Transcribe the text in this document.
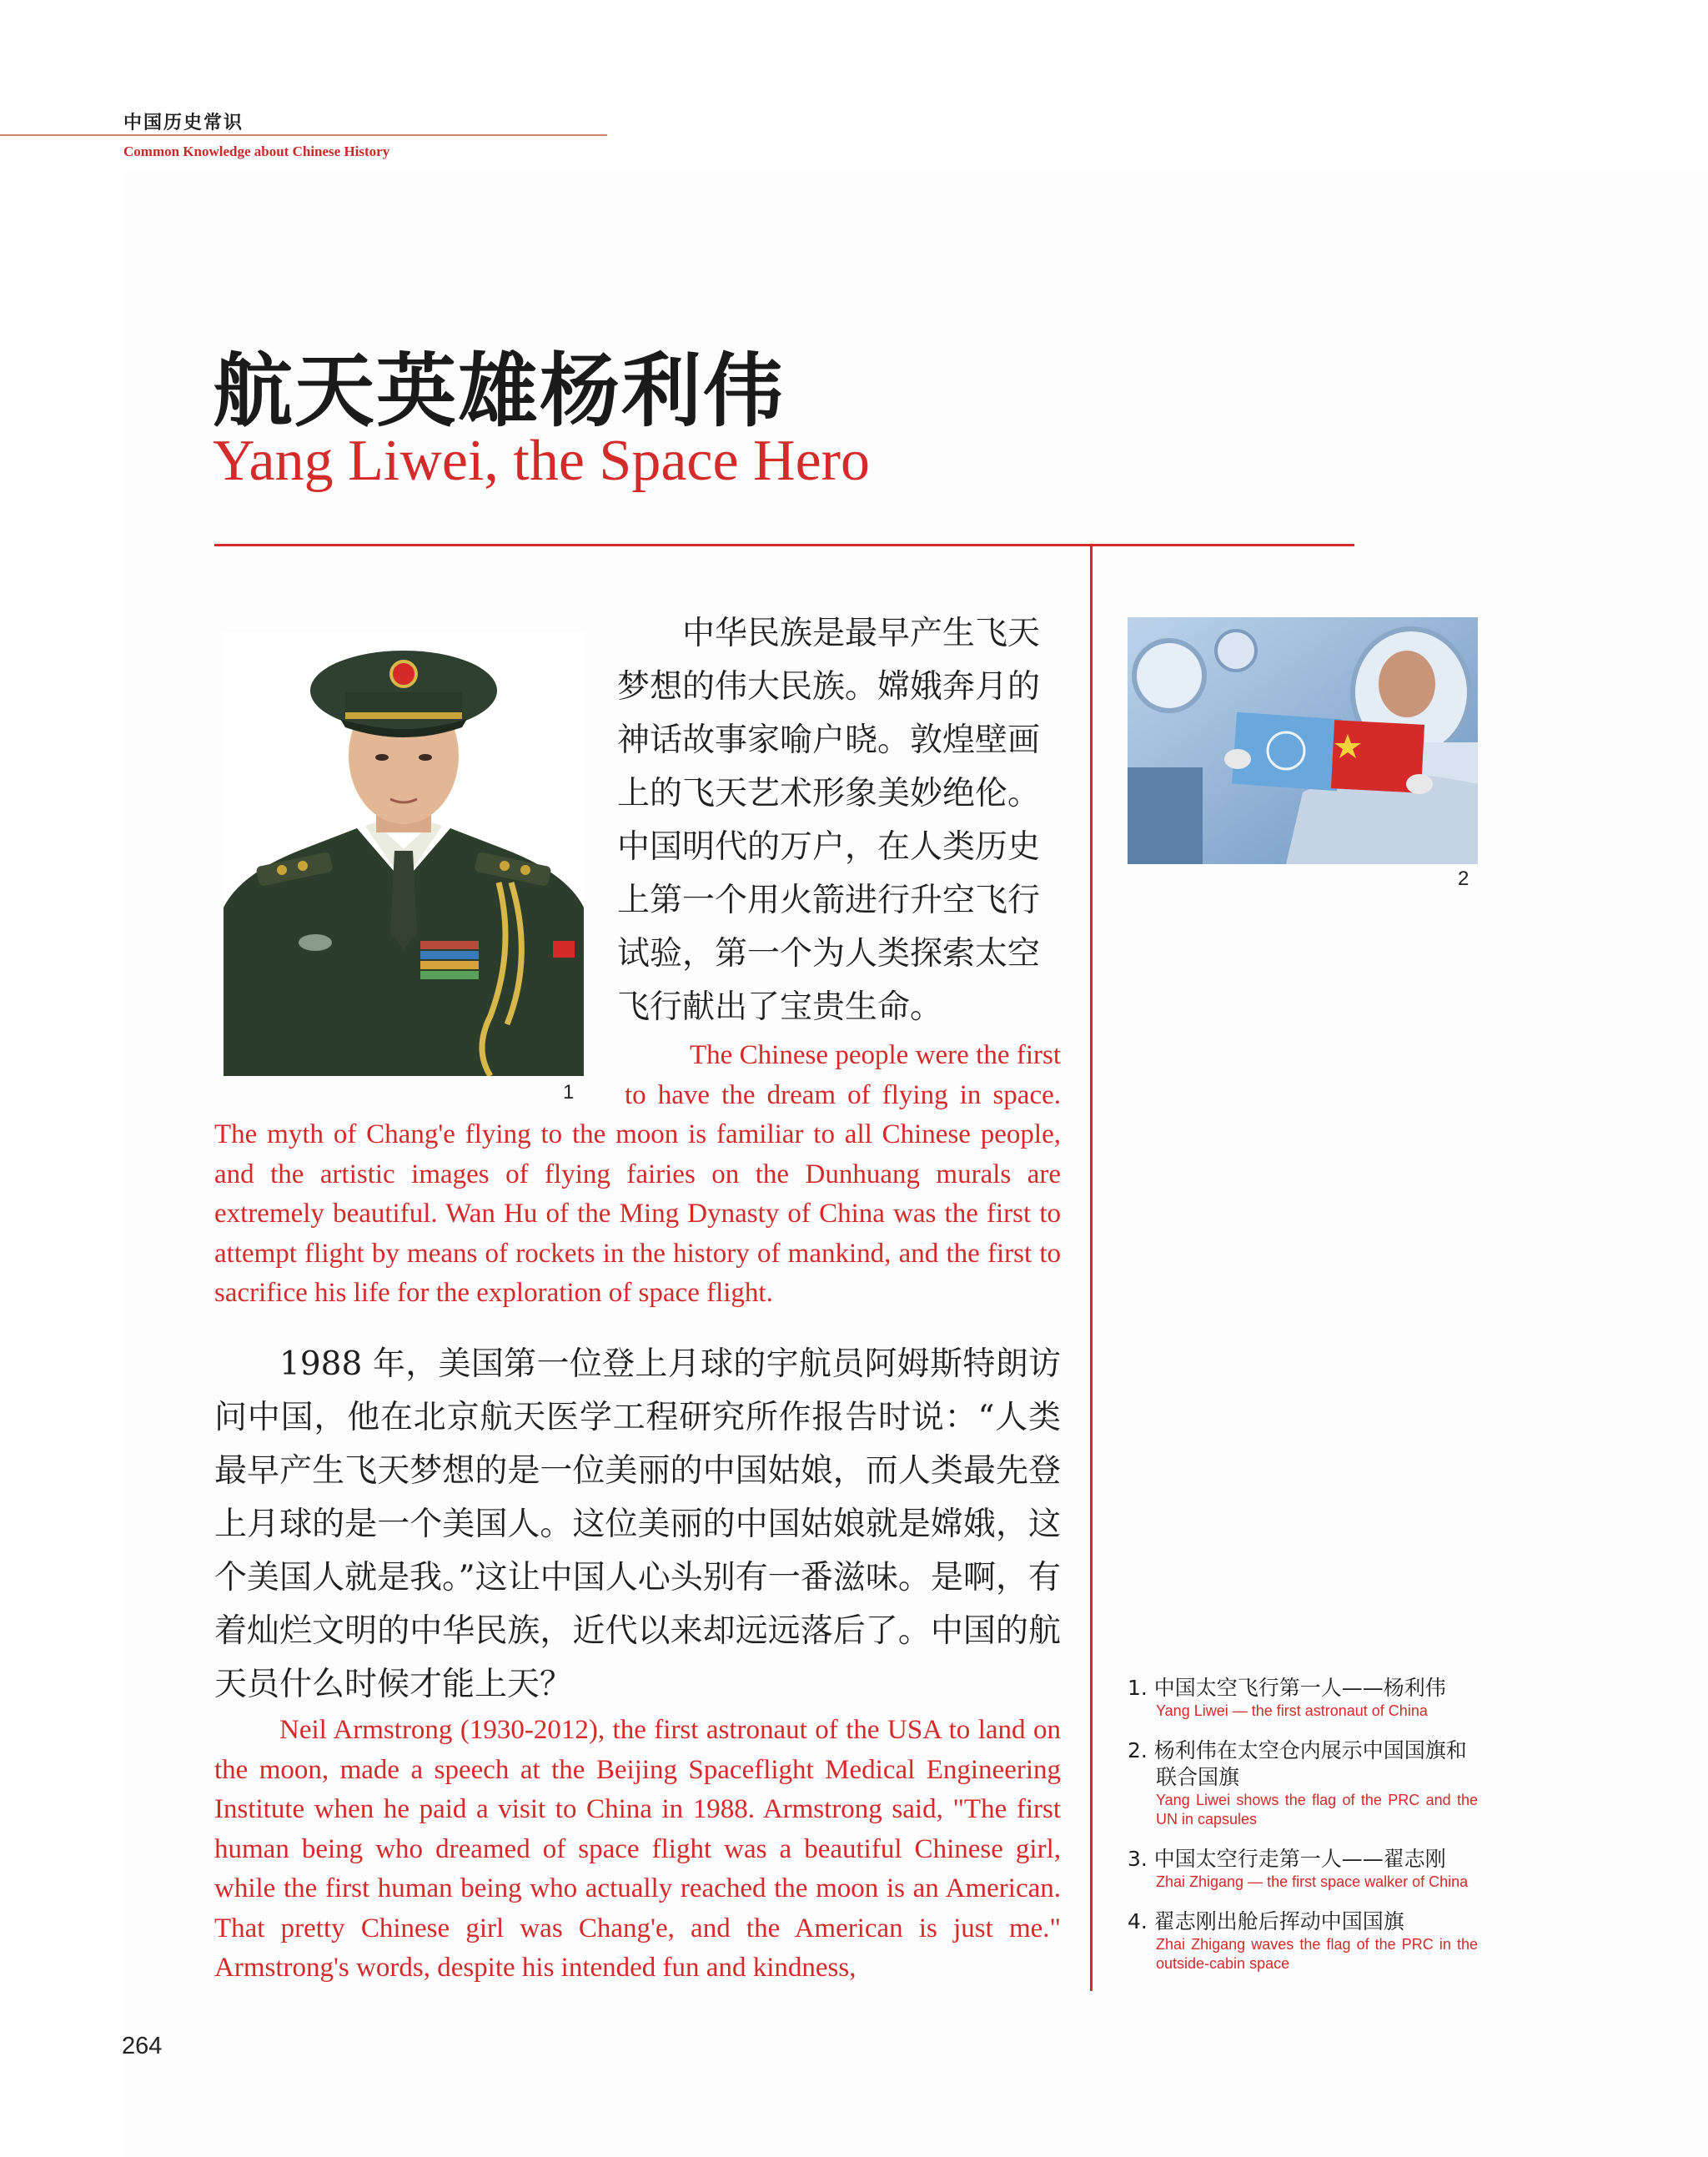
中国历史常识
Common Knowledge about Chinese History
航天英雄杨利伟
Yang Liwei, the Space Hero
1
中华民族是最早产生飞天梦想的伟大民族。嫦娥奔月的神话故事家喻户晓。敦煌壁画上的飞天艺术形象美妙绝伦。中国明代的万户，在人类历史上第一个用火箭进行升空飞行试验，第一个为人类探索太空飞行献出了宝贵生命。
The Chinese people were the first to have the dream of flying in space. The myth of Chang'e flying to the moon is familiar to all Chinese people, and the artistic images of flying fairies on the Dunhuang murals are extremely beautiful. Wan Hu of the Ming Dynasty of China was the first to attempt flight by means of rockets in the history of mankind, and the first to sacrifice his life for the exploration of space flight.
1988 年，美国第一位登上月球的宇航员阿姆斯特朗访问中国，他在北京航天医学工程研究所作报告时说：“人类最早产生飞天梦想的是一位美丽的中国姑娘，而人类最先登上月球的是一个美国人。这位美丽的中国姑娘就是嫦娥，这个美国人就是我。”这让中国人心头别有一番滋味。是啊，有着灿烂文明的中华民族，近代以来却远远落后了。中国的航天员什么时候才能上天？
Neil Armstrong (1930-2012), the first astronaut of the USA to land on the moon, made a speech at the Beijing Spaceflight Medical Engineering Institute when he paid a visit to China in 1988. Armstrong said, "The first human being who dreamed of space flight was a beautiful Chinese girl, while the first human being who actually reached the moon is an American. That pretty Chinese girl was Chang'e, and the American is just me." Armstrong's words, despite his intended fun and kindness,
2
1. 中国太空飞行第一人——杨利伟
Yang Liwei — the first astronaut of China
2. 杨利伟在太空仓内展示中国国旗和联合国旗
Yang Liwei shows the flag of the PRC and the UN in capsules
3. 中国太空行走第一人——翟志刚
Zhai Zhigang — the first space walker of China
4. 翟志刚出舱后挥动中国国旗
Zhai Zhigang waves the flag of the PRC in the outside-cabin space
264
